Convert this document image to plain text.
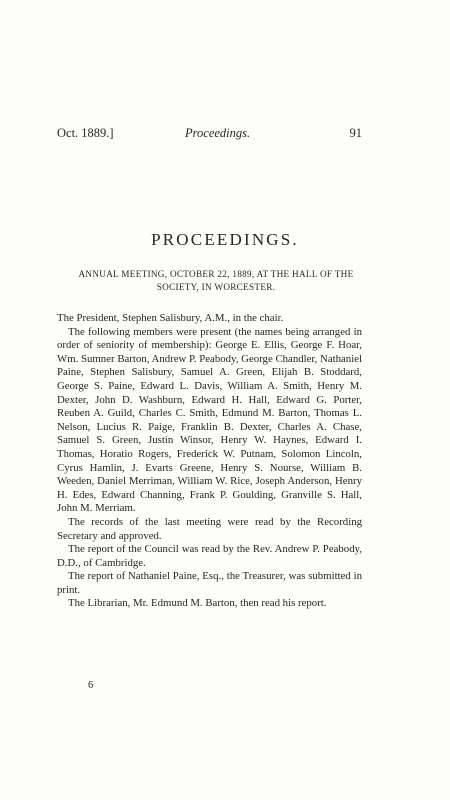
Oct. 1889.]	Proceedings.	91
PROCEEDINGS.
ANNUAL MEETING, OCTOBER 22, 1889, AT THE HALL OF THE SOCIETY, IN WORCESTER.

The President, Stephen Salisbury, A.M., in the chair.

The following members were present (the names being arranged in order of seniority of membership): George E. Ellis, George F. Hoar, Wm. Sumner Barton, Andrew P. Peabody, George Chandler, Nathaniel Paine, Stephen Salisbury, Samuel A. Green, Elijah B. Stoddard, George S. Paine, Edward L. Davis, William A. Smith, Henry M. Dexter, John D. Washburn, Edward H. Hall, Edward G. Porter, Reuben A. Guild, Charles C. Smith, Edmund M. Barton, Thomas L. Nelson, Lucius R. Paige, Franklin B. Dexter, Charles A. Chase, Samuel S. Green, Justin Winsor, Henry W. Haynes, Edward I. Thomas, Horatio Rogers, Frederick W. Putnam, Solomon Lincoln, Cyrus Hamlin, J. Evarts Greene, Henry S. Nourse, William B. Weeden, Daniel Merriman, William W. Rice, Joseph Anderson, Henry H. Edes, Edward Channing, Frank P. Goulding, Granville S. Hall, John M. Merriam.

The records of the last meeting were read by the Recording Secretary and approved.

The report of the Council was read by the Rev. Andrew P. Peabody, D.D., of Cambridge.

The report of Nathaniel Paine, Esq., the Treasurer, was submitted in print.

The Librarian, Mr. Edmund M. Barton, then read his report.

6
